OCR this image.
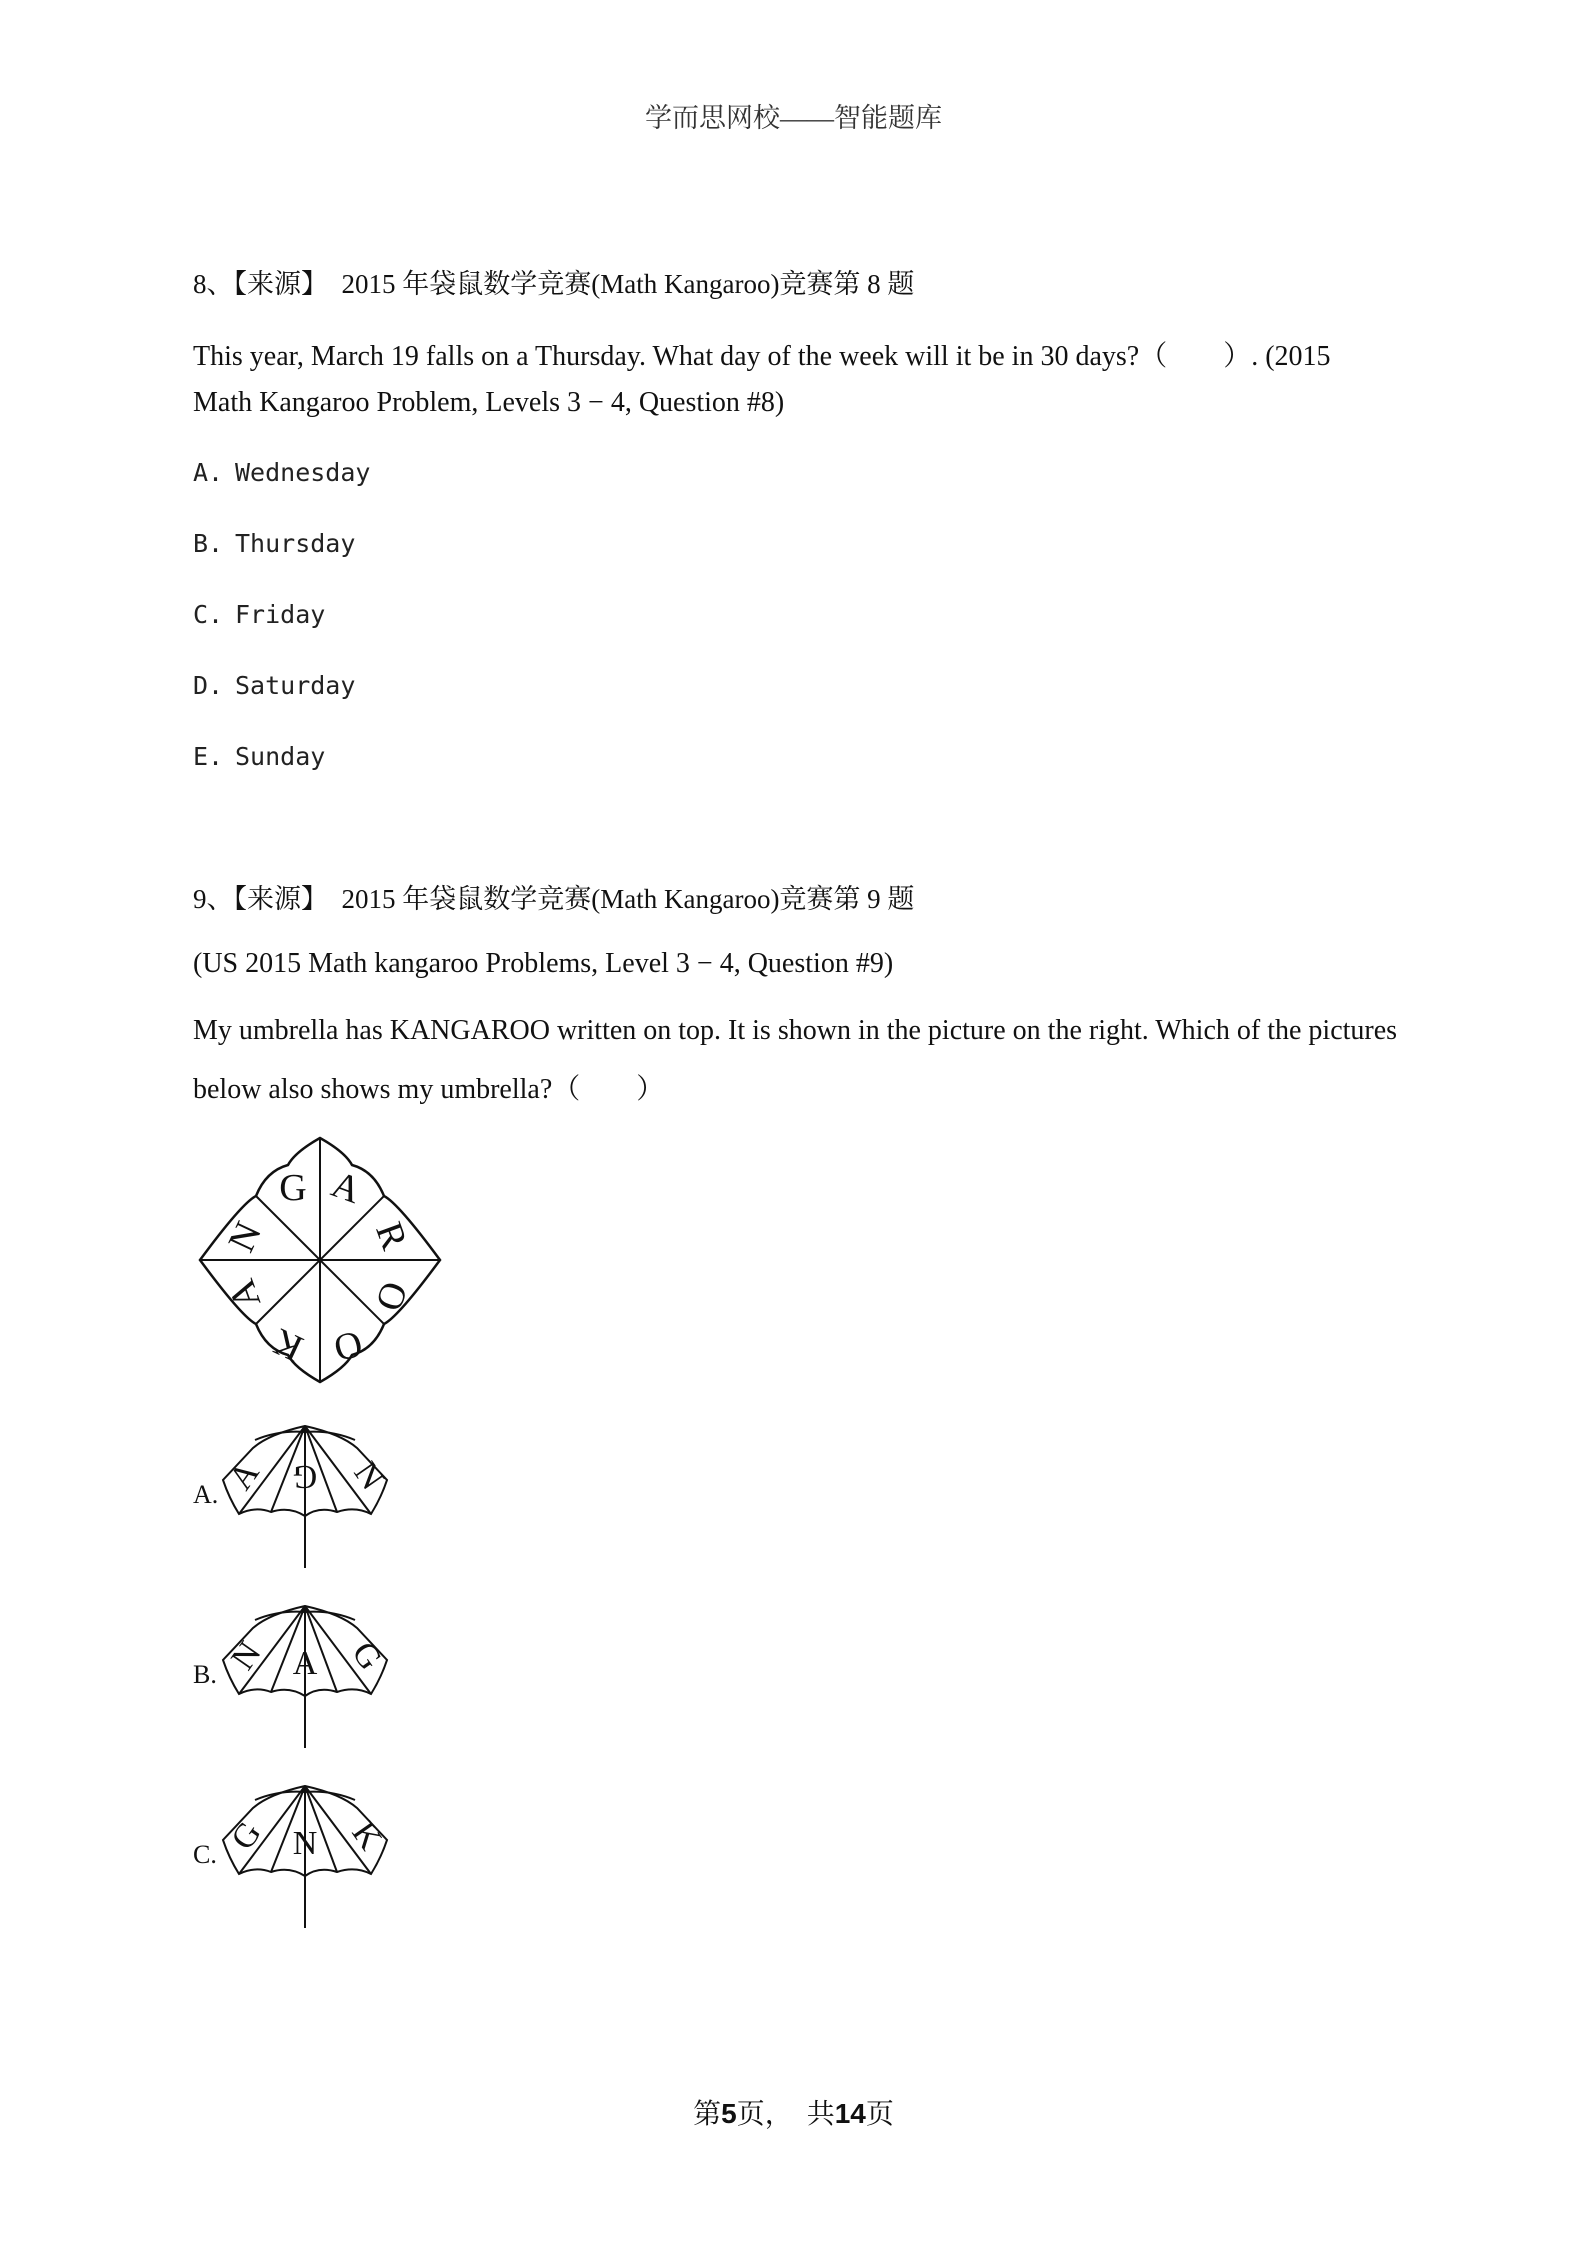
学而思网校——智能题库
8、【来源】 2015 年袋鼠数学竞赛(Math Kangaroo)竞赛第 8 题
This year, March 19 falls on a Thursday. What day of the week will it be in 30 days?（　　）. (2015
Math Kangaroo Problem, Levels 3 − 4, Question #8)
A. Wednesday
B. Thursday
C. Friday
D. Saturday
E. Sunday
9、【来源】 2015 年袋鼠数学竞赛(Math Kangaroo)竞赛第 9 题
(US 2015 Math kangaroo Problems, Level 3 − 4, Question #9)
My umbrella has KANGAROO written on top. It is shown in the picture on the right. Which of the pictures
below also shows my umbrella?（　　）
G A
R
O
O
K
A
N
A. A G N
B. N A G
C. G N K
第5页，　共14页
